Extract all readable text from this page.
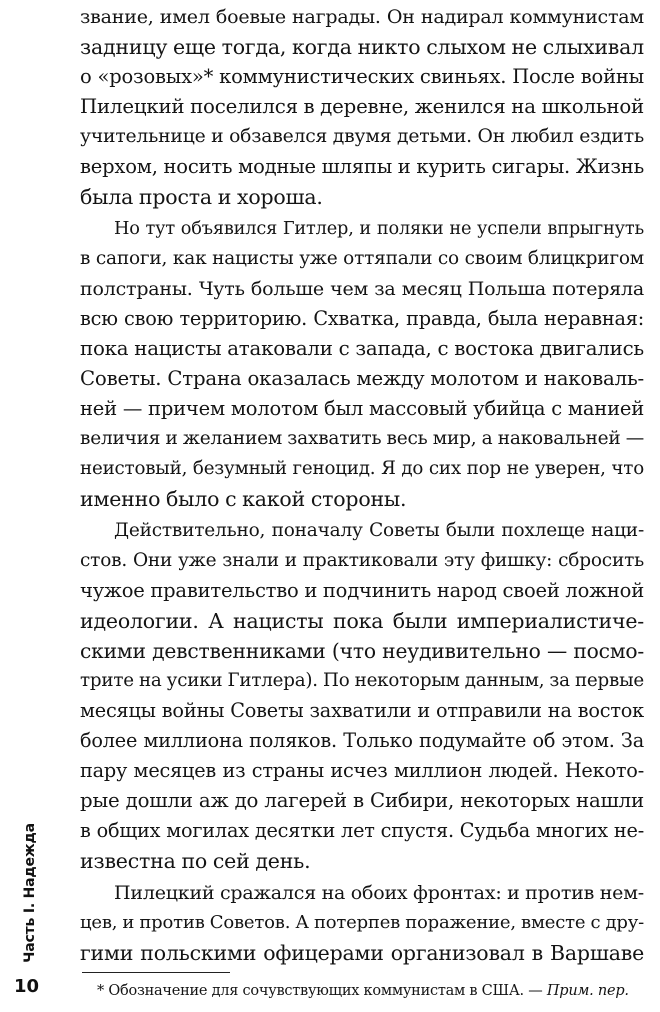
звание, имел боевые награды. Он надирал коммунистам
задницу еще тогда, когда никто слыхом не слыхивал
о «розовых»* коммунистических свиньях. После войны
Пилецкий поселился в деревне, женился на школьной
учительнице и обзавелся двумя детьми. Он любил ездить
верхом, носить модные шляпы и курить сигары. Жизнь
была проста и хороша.
Но тут объявился Гитлер, и поляки не успели впрыгнуть
в сапоги, как нацисты уже оттяпали со своим блицкригом
полстраны. Чуть больше чем за месяц Польша потеряла
всю свою территорию. Схватка, правда, была неравная:
пока нацисты атаковали с запада, с востока двигались
Советы. Страна оказалась между молотом и наковаль-
ней — причем молотом был массовый убийца с манией
величия и желанием захватить весь мир, а наковальней —
неистовый, безумный геноцид. Я до сих пор не уверен, что
именно было с какой стороны.
Действительно, поначалу Советы были похлеще наци-
стов. Они уже знали и практиковали эту фишку: сбросить
чужое правительство и подчинить народ своей ложной
идеологии. А нацисты пока были империалистиче-
скими девственниками (что неудивительно — посмо-
трите на усики Гитлера). По некоторым данным, за первые
месяцы войны Советы захватили и отправили на восток
более миллиона поляков. Только подумайте об этом. За
пару месяцев из страны исчез миллион людей. Некото-
рые дошли аж до лагерей в Сибири, некоторых нашли
в общих могилах десятки лет спустя. Судьба многих не-
известна по сей день.
Пилецкий сражался на обоих фронтах: и против нем-
цев, и против Советов. А потерпев поражение, вместе с дру-
гими польскими офицерами организовал в Варшаве
Часть I. Надежда
10	* Обозначение для сочувствующих коммунистам в США. — Прим. пер.
